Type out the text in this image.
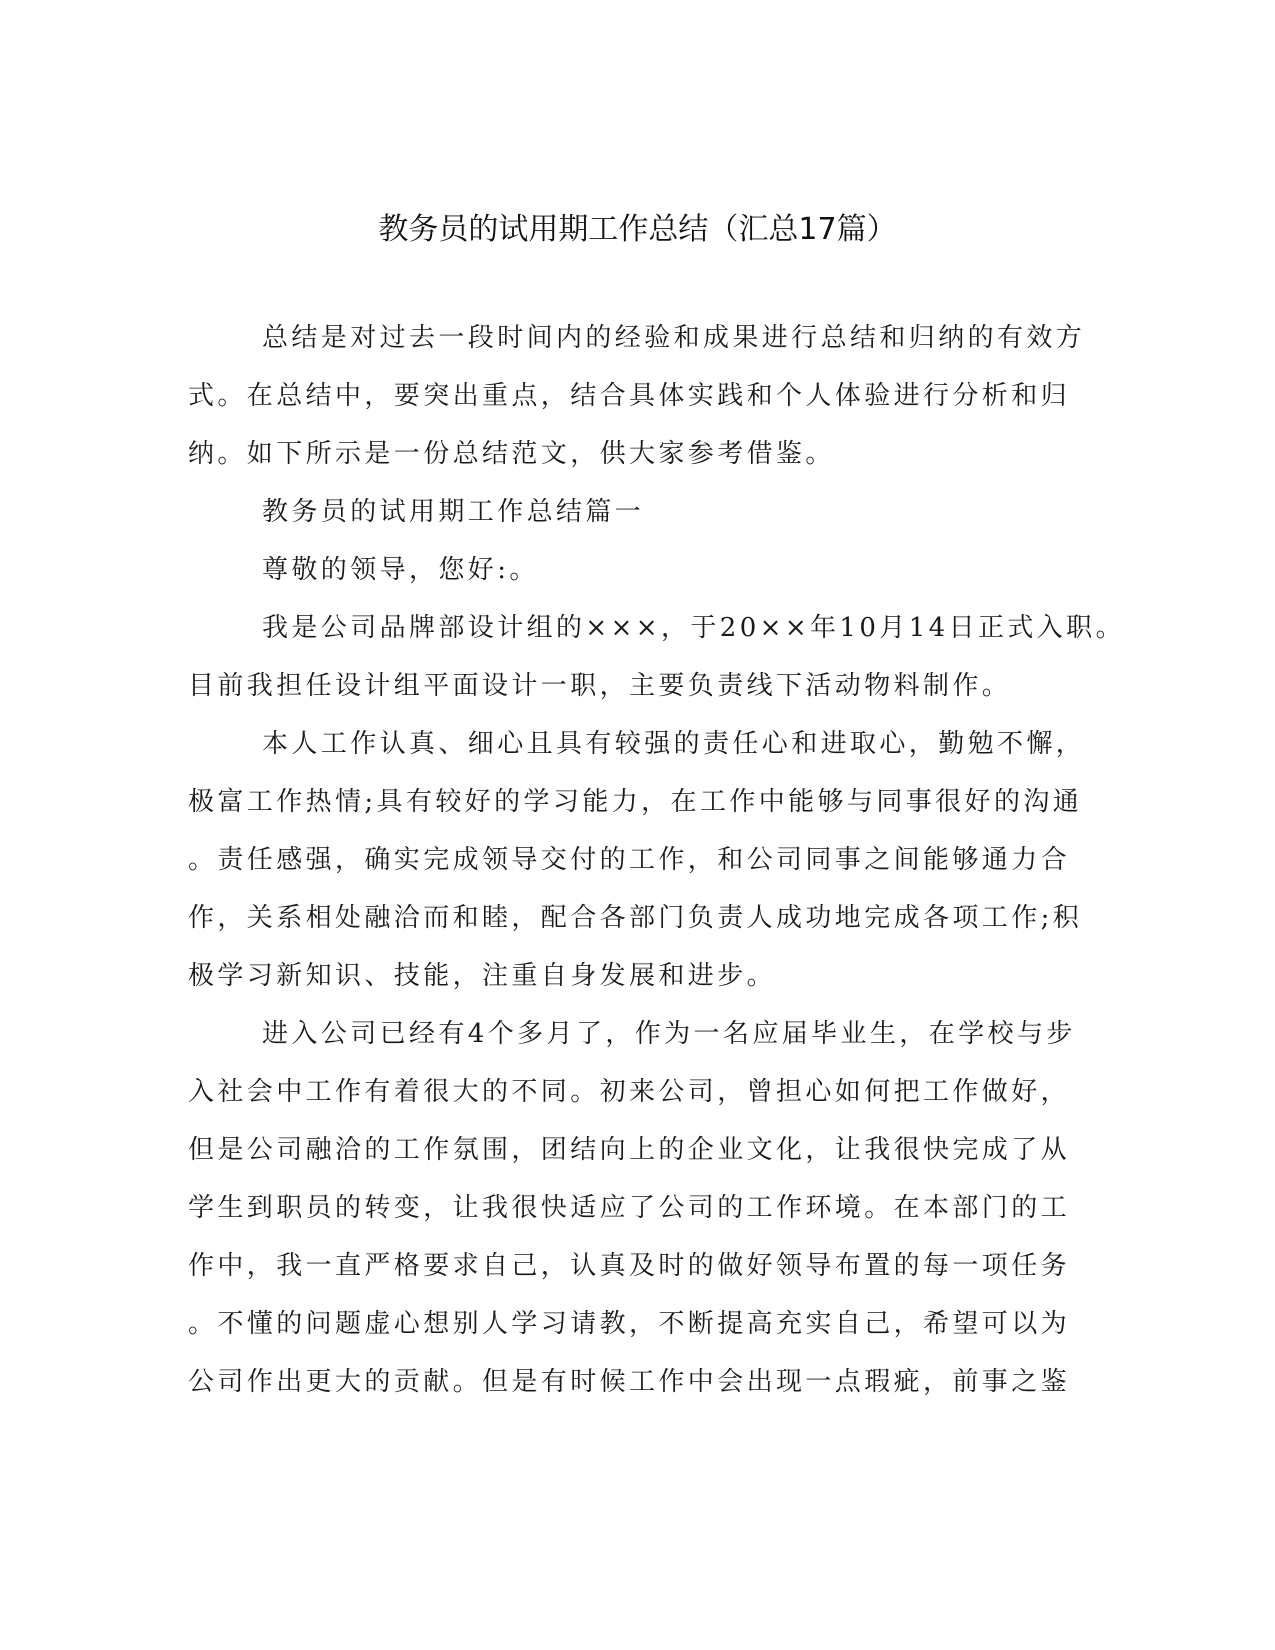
教务员的试用期工作总结（汇总17篇）
总结是对过去一段时间内的经验和成果进行总结和归纳的有效方
式。在总结中，要突出重点，结合具体实践和个人体验进行分析和归
纳。如下所示是一份总结范文，供大家参考借鉴。
教务员的试用期工作总结篇一
尊敬的领导，您好:。
我是公司品牌部设计组的×××，于20××年10月14日正式入职。
目前我担任设计组平面设计一职，主要负责线下活动物料制作。
本人工作认真、细心且具有较强的责任心和进取心，勤勉不懈，
极富工作热情;具有较好的学习能力，在工作中能够与同事很好的沟通
。责任感强，确实完成领导交付的工作，和公司同事之间能够通力合
作，关系相处融洽而和睦，配合各部门负责人成功地完成各项工作;积
极学习新知识、技能，注重自身发展和进步。
进入公司已经有4个多月了，作为一名应届毕业生，在学校与步
入社会中工作有着很大的不同。初来公司，曾担心如何把工作做好，
但是公司融洽的工作氛围，团结向上的企业文化，让我很快完成了从
学生到职员的转变，让我很快适应了公司的工作环境。在本部门的工
作中，我一直严格要求自己，认真及时的做好领导布置的每一项任务
。不懂的问题虚心想别人学习请教，不断提高充实自己，希望可以为
公司作出更大的贡献。但是有时候工作中会出现一点瑕疵，前事之鉴
